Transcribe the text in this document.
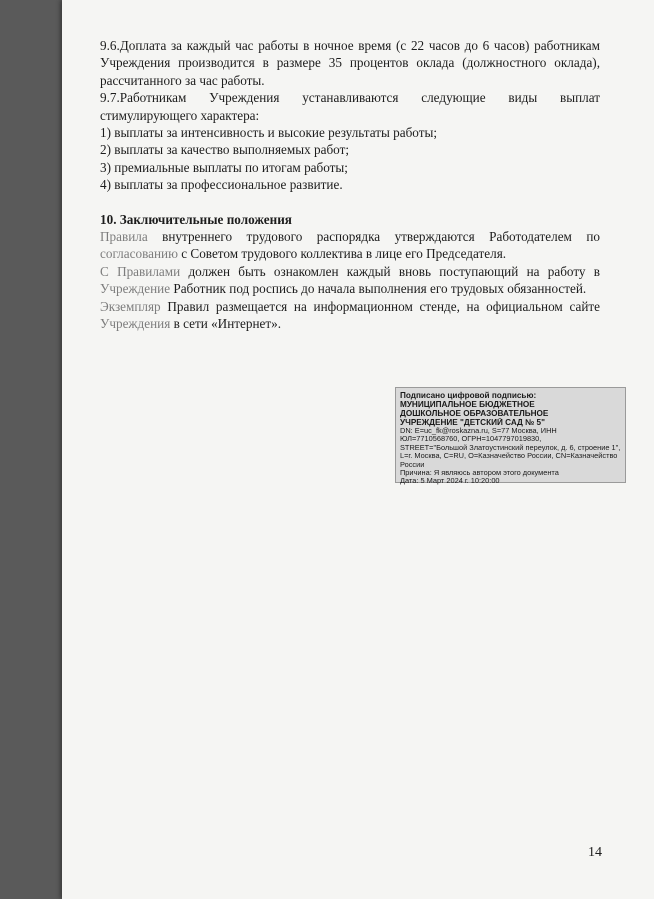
9.6.Доплата за каждый час работы в ночное время (с 22 часов до 6 часов) работникам Учреждения производится в размере 35 процентов оклада (должностного оклада), рассчитанного за час работы.

9.7.Работникам Учреждения устанавливаются следующие виды выплат стимулирующего характера:

1) выплаты за интенсивность и высокие результаты работы;

2) выплаты за качество выполняемых работ;

3) премиальные выплаты по итогам работы;

4) выплаты за профессиональное развитие.

10. Заключительные положения

Правила внутреннего трудового распорядка утверждаются Работодателем по согласованию с Советом трудового коллектива в лице его Председателя.

С Правилами должен быть ознакомлен каждый вновь поступающий на работу в Учреждение Работник под роспись до начала выполнения его трудовых обязанностей.

Экземпляр Правил размещается на информационном стенде, на официальном сайте Учреждения в сети «Интернет».

Подписано цифровой подписью:
МУНИЦИПАЛЬНОЕ БЮДЖЕТНОЕ
ДОШКОЛЬНОЕ ОБРАЗОВАТЕЛЬНОЕ
УЧРЕЖДЕНИЕ "ДЕТСКИЙ САД № 5"
DN: E=uc_fk@roskazna.ru, S=77 Москва, ИНН
ЮЛ=7710568760, ОГРН=1047797019830,
STREET="Большой Златоустинский переулок, д. 6, строение 1",
L=г. Москва, C=RU, O=Казначейство России, CN=Казначейство
России
Причина: Я являюсь автором этого документа
Дата: 5 Март 2024 г. 10:20:00
14
